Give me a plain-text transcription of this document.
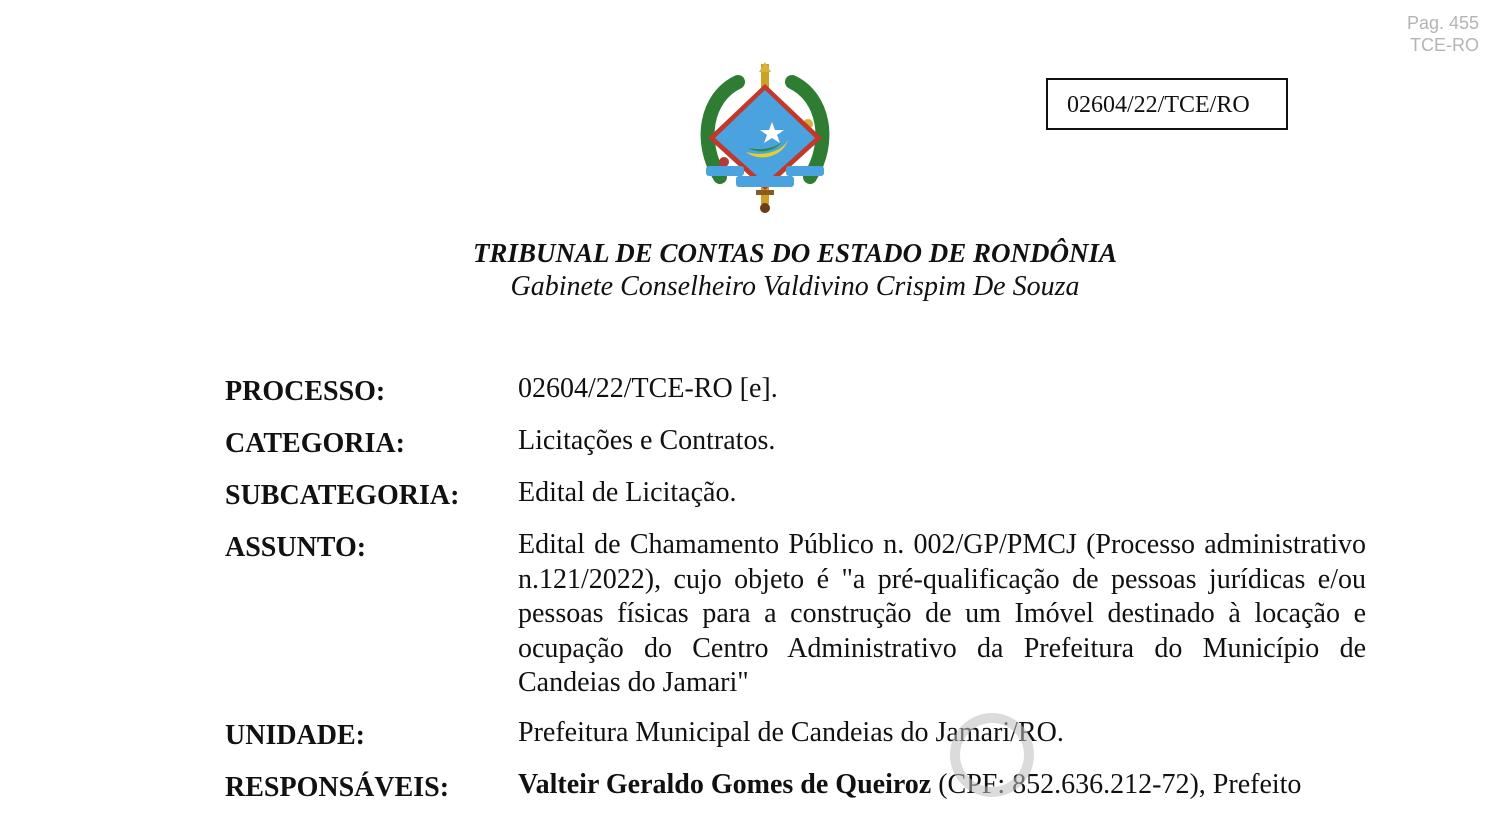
Pag. 455
TCE-RO
02604/22/TCE/RO
TRIBUNAL DE CONTAS DO ESTADO DE RONDÔNIA
Gabinete Conselheiro Valdivino Crispim De Souza
PROCESSO:	02604/22/TCE-RO [e].
CATEGORIA:	Licitações e Contratos.
SUBCATEGORIA:	Edital de Licitação.
ASSUNTO:	Edital de Chamamento Público n. 002/GP/PMCJ (Processo administrativo n.121/2022), cujo objeto é "a pré-qualificação de pessoas jurídicas e/ou pessoas físicas para a construção de um Imóvel destinado à locação e ocupação do Centro Administrativo da Prefeitura do Município de Candeias do Jamari"
UNIDADE:	Prefeitura Municipal de Candeias do Jamari/RO.
RESPONSÁVEIS:	Valteir Geraldo Gomes de Queiroz (CPF: 852.636.212-72), Prefeito
